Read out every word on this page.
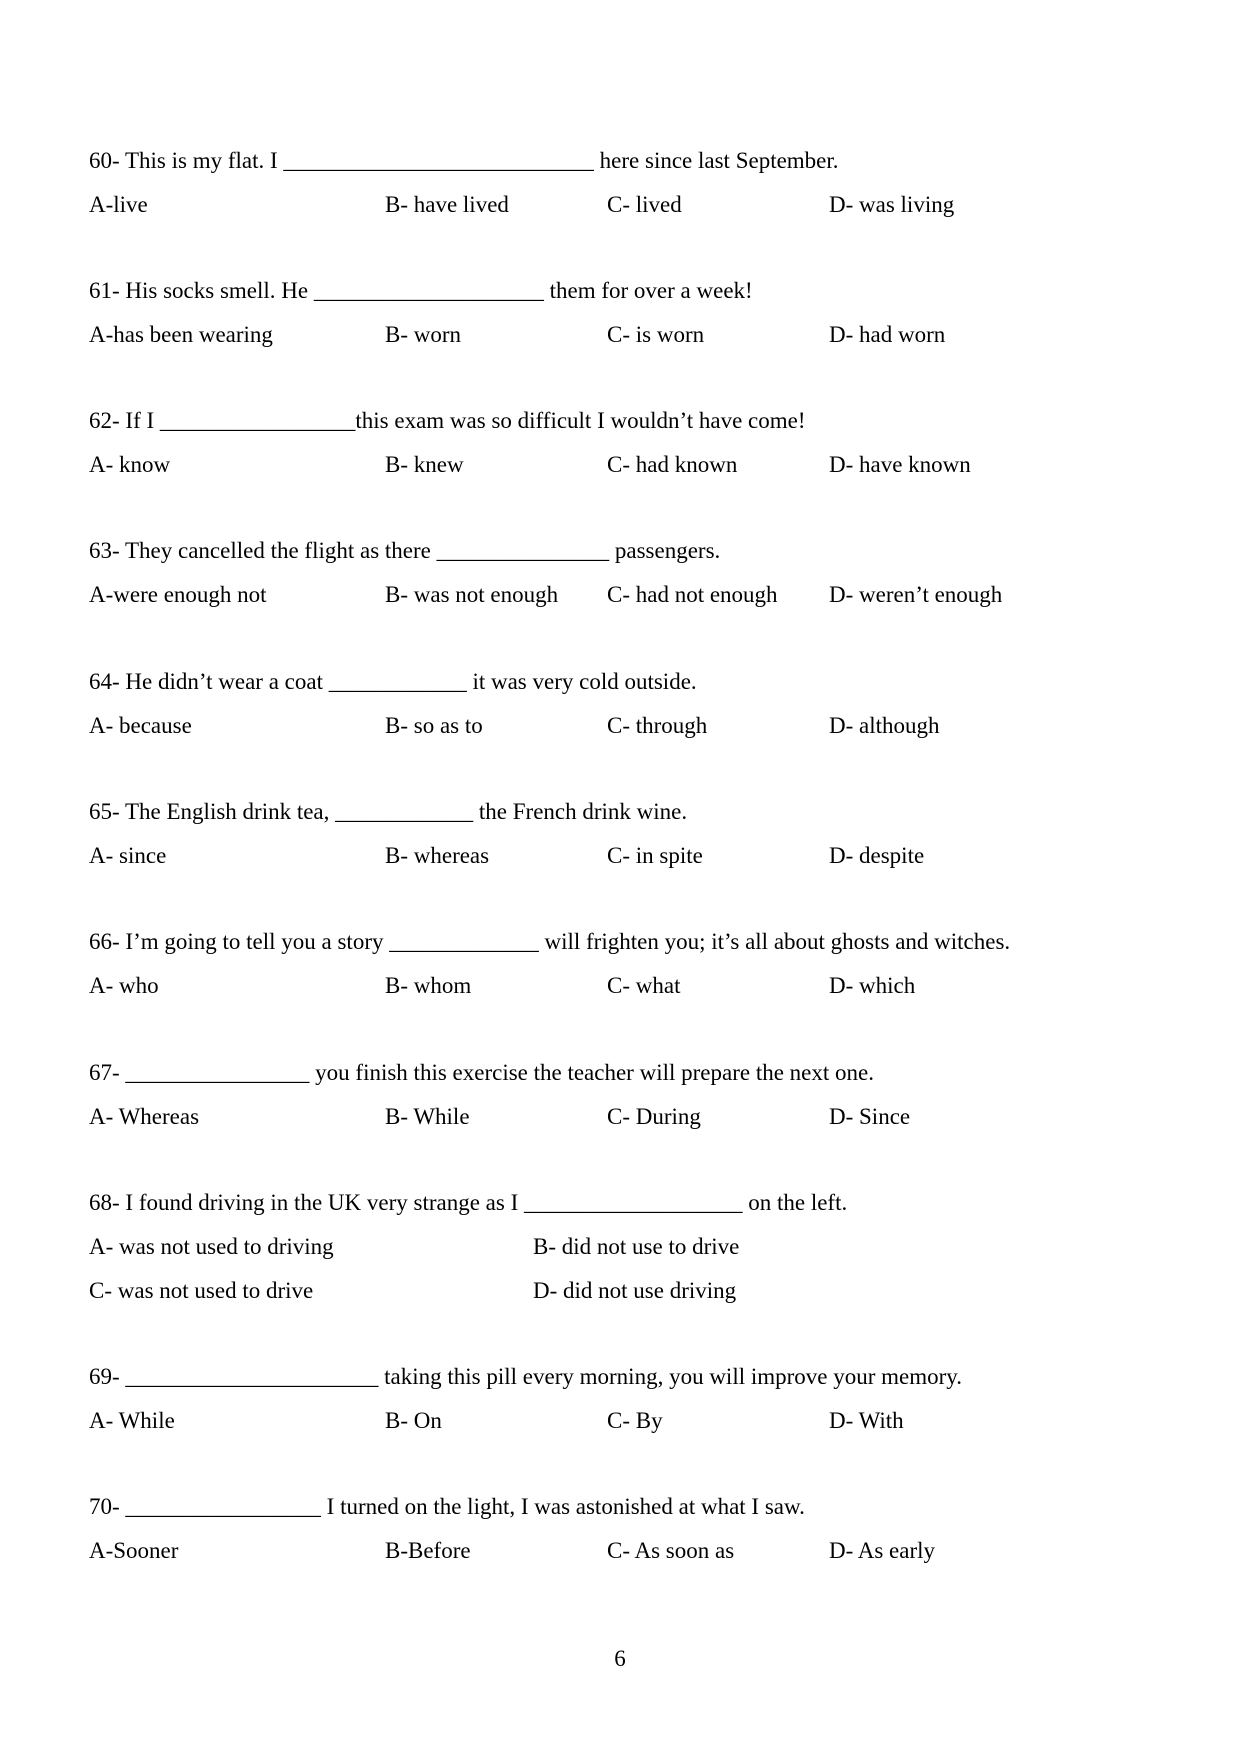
60- This is my flat. I ___________________________ here since last September.
A-live	B- have lived	C- lived	D- was living
61- His socks smell. He ____________________ them for over a week!
A-has been wearing	B- worn	C- is worn	D- had worn
62- If I _________________this exam was so difficult I wouldn’t have come!
A- know	B- knew	C- had known	D- have known
63- They cancelled the flight as there _______________ passengers.
A-were enough not	B- was not enough C- had not enough D- weren’t enough
64- He didn’t wear a coat ____________ it was very cold outside.
A- because	B- so as to	C- through	D- although
65- The English drink tea, ____________ the French drink wine.
A- since	B- whereas	C- in spite	D- despite
66- I’m going to tell you a story _____________ will frighten you; it’s all about ghosts and witches.
A- who	B- whom	C- what	D- which
67- ________________ you finish this exercise the teacher will prepare the next one.
A- Whereas	B- While	C- During	D- Since
68- I found driving in the UK very strange as I ___________________ on the left.
A- was not used to driving	B- did not use to drive
C- was not used to drive	D- did not use driving
69- ______________________ taking this pill every morning, you will improve your memory.
A- While	B- On	C- By	D- With
70- _________________ I turned on the light, I was astonished at what I saw.
A-Sooner	B-Before	C- As soon as	D- As early
6
